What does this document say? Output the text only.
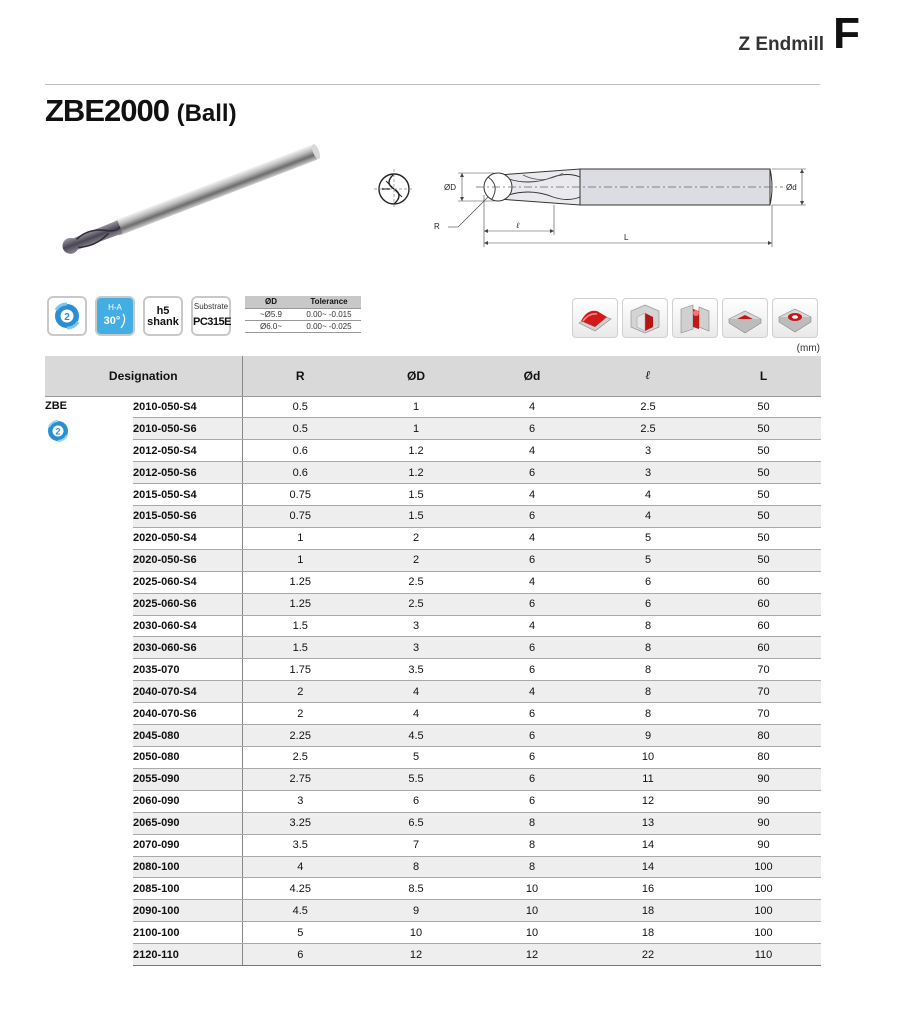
Z Endmill F
ZBE2000 (Ball)
ØD	Ød
R	ℓ
L
2
H-A
30°
h5
shank
Substrate
PC315E
ØD	Tolerance
~Ø5.9	0.00~ -0.015
Ø6.0~	0.00~ -0.025
(mm)
Designation		R	ØD	Ød	ℓ	L

ZBE
2	2010-050-S4	0.5	1	4	2.5	50
	2010-050-S6	0.5	1	6	2.5	50
	2012-050-S4	0.6	1.2	4	3	50
	2012-050-S6	0.6	1.2	6	3	50
	2015-050-S4	0.75	1.5	4	4	50
	2015-050-S6	0.75	1.5	6	4	50
	2020-050-S4	1	2	4	5	50
	2020-050-S6	1	2	6	5	50
	2025-060-S4	1.25	2.5	4	6	60
	2025-060-S6	1.25	2.5	6	6	60
	2030-060-S4	1.5	3	4	8	60
	2030-060-S6	1.5	3	6	8	60
	2035-070	1.75	3.5	6	8	70
	2040-070-S4	2	4	4	8	70
	2040-070-S6	2	4	6	8	70
	2045-080	2.25	4.5	6	9	80
	2050-080	2.5	5	6	10	80
	2055-090	2.75	5.5	6	11	90
	2060-090	3	6	6	12	90
	2065-090	3.25	6.5	8	13	90
	2070-090	3.5	7	8	14	90
	2080-100	4	8	8	14	100
	2085-100	4.25	8.5	10	16	100
	2090-100	4.5	9	10	18	100
	2100-100	5	10	10	18	100
	2120-110	6	12	12	22	110
